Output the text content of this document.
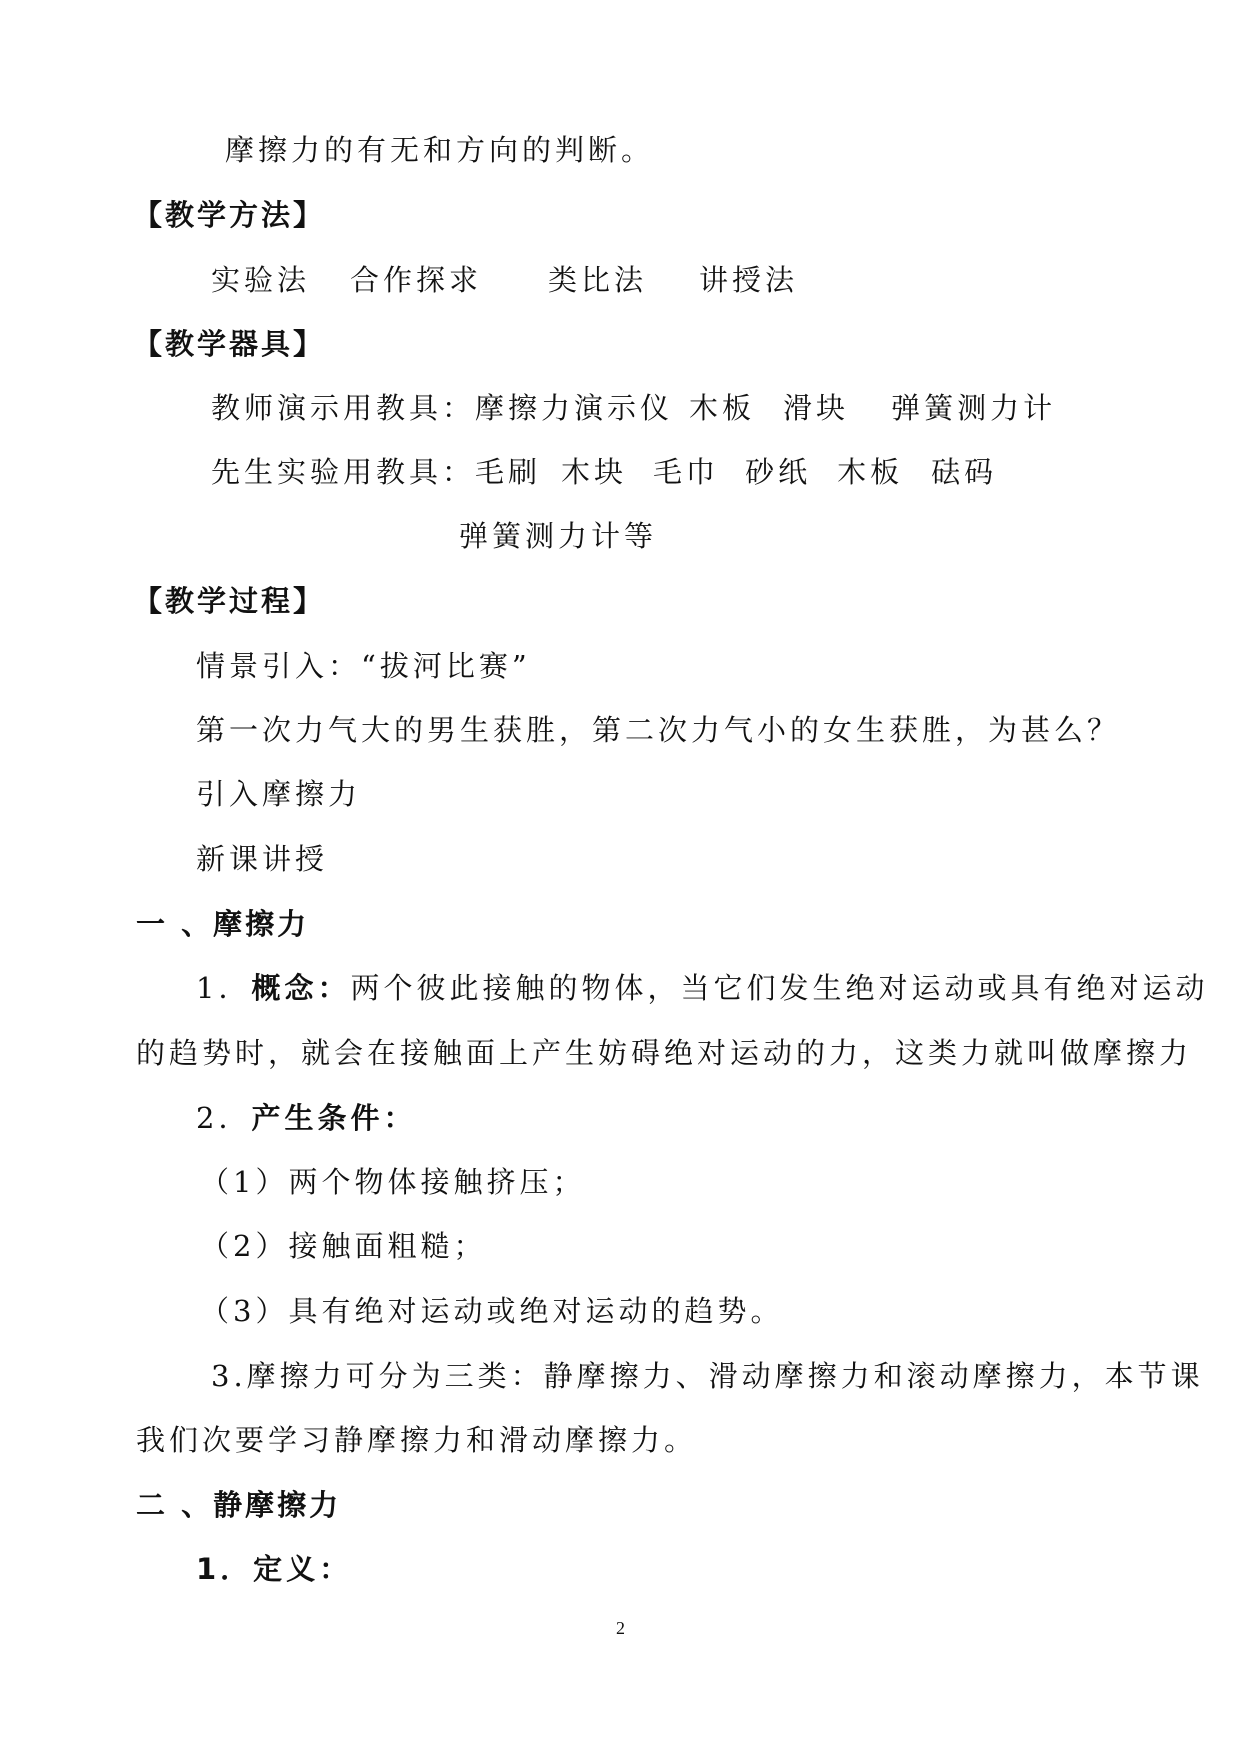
摩擦力的有无和方向的判断。
【教学方法】
实验法 合作探求 类比法 讲授法
【教学器具】
教师演示用教具：摩擦力演示仪 木板 滑块 弹簧测力计
先生实验用教具：毛刷 木块 毛巾 砂纸 木板 砝码
弹簧测力计等
【教学过程】
情景引入：“拔河比赛”
第一次力气大的男生获胜，第二次力气小的女生获胜，为甚么？
引入摩擦力
新课讲授
一 、摩擦力
1．概念：两个彼此接触的物体，当它们发生绝对运动或具有绝对运动
的趋势时，就会在接触面上产生妨碍绝对运动的力，这类力就叫做摩擦力
2．产生条件：
（1）两个物体接触挤压；
（2）接触面粗糙；
（3）具有绝对运动或绝对运动的趋势。
3.摩擦力可分为三类：静摩擦力、滑动摩擦力和滚动摩擦力，本节课
我们次要学习静摩擦力和滑动摩擦力。
二 、静摩擦力
1．定义：
2
